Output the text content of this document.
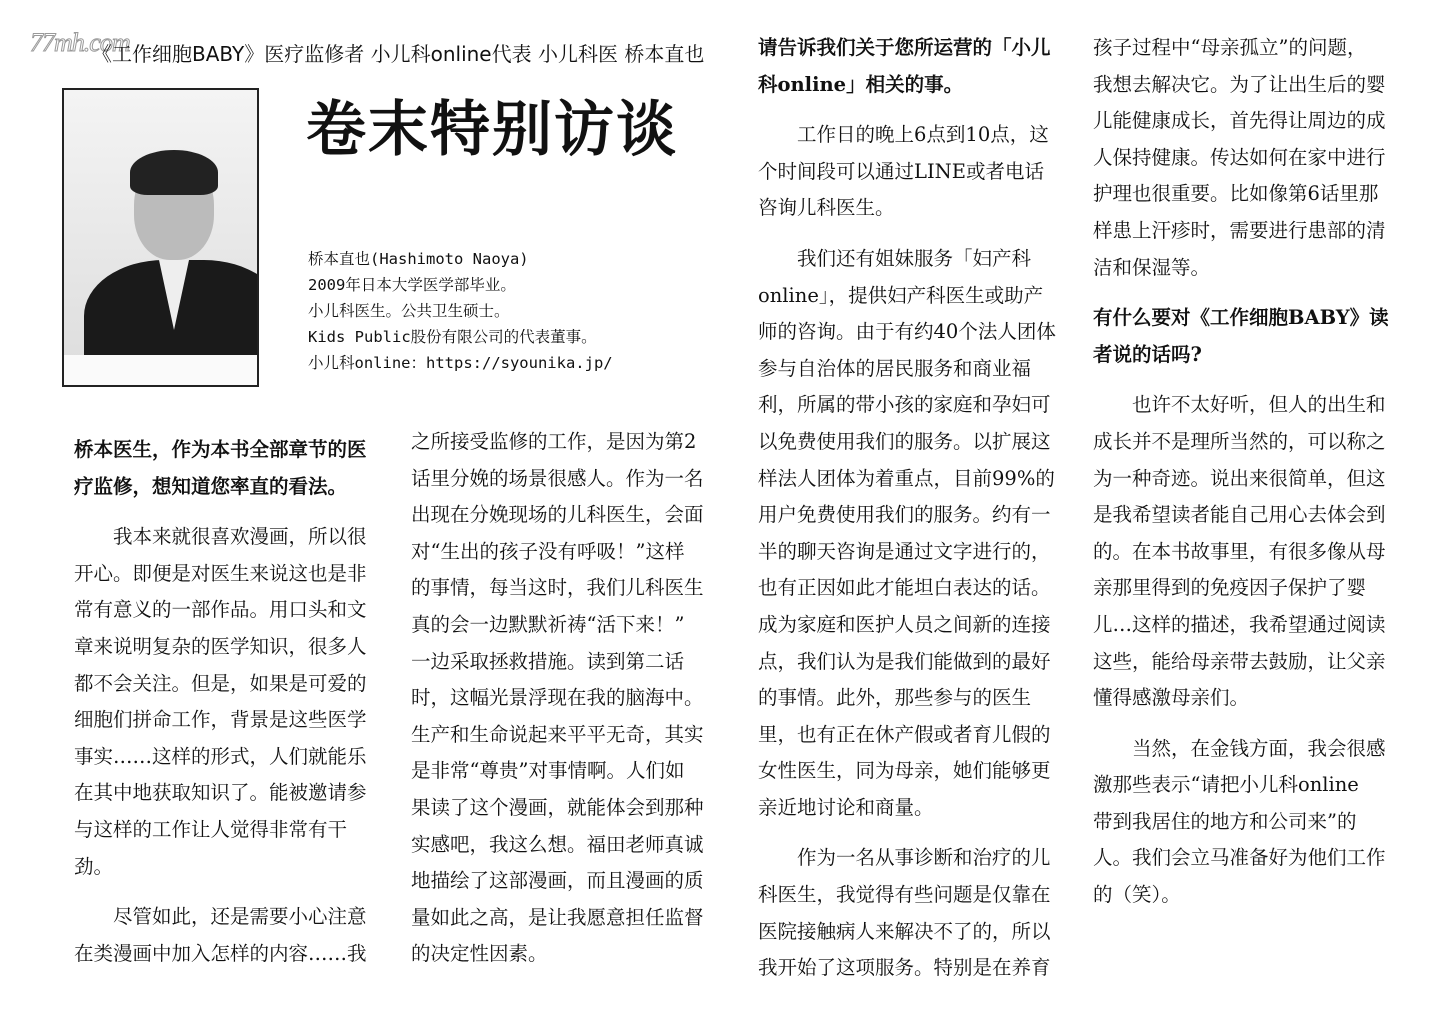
77mh.com
《工作细胞BABY》医疗监修者 小儿科online代表 小儿科医 桥本直也
卷末特别访谈
桥本直也(Hashimoto Naoya)
2009年日本大学医学部毕业。
小儿科医生。公共卫生硕士。
Kids Public股份有限公司的代表董事。
小儿科online：https://syounika.jp/
桥本医生，作为本书全部章节的医
疗监修，想知道您率直的看法。
　　我本来就很喜欢漫画，所以很
开心。即便是对医生来说这也是非
常有意义的一部作品。用口头和文
章来说明复杂的医学知识，很多人
都不会关注。但是，如果是可爱的
细胞们拼命工作，背景是这些医学
事实……这样的形式，人们就能乐
在其中地获取知识了。能被邀请参
与这样的工作让人觉得非常有干
劲。
　　尽管如此，还是需要小心注意
在类漫画中加入怎样的内容……我
之所接受监修的工作，是因为第2
话里分娩的场景很感人。作为一名
出现在分娩现场的儿科医生，会面
对“生出的孩子没有呼吸！”这样
的事情，每当这时，我们儿科医生
真的会一边默默祈祷“活下来！”
一边采取拯救措施。读到第二话
时，这幅光景浮现在我的脑海中。
生产和生命说起来平平无奇，其实
是非常“尊贵”对事情啊。人们如
果读了这个漫画，就能体会到那种
实感吧，我这么想。福田老师真诚
地描绘了这部漫画，而且漫画的质
量如此之高，是让我愿意担任监督
的决定性因素。
请告诉我们关于您所运营的「小儿
科online」相关的事。
　　工作日的晚上6点到10点，这
个时间段可以通过LINE或者电话
咨询儿科医生。
　　我们还有姐妹服务「妇产科
online」，提供妇产科医生或助产
师的咨询。由于有约40个法人团体
参与自治体的居民服务和商业福
利，所属的带小孩的家庭和孕妇可
以免费使用我们的服务。以扩展这
样法人团体为着重点，目前99%的
用户免费使用我们的服务。约有一
半的聊天咨询是通过文字进行的，
也有正因如此才能坦白表达的话。
成为家庭和医护人员之间新的连接
点，我们认为是我们能做到的最好
的事情。此外，那些参与的医生
里，也有正在休产假或者育儿假的
女性医生，同为母亲，她们能够更
亲近地讨论和商量。
　　作为一名从事诊断和治疗的儿
科医生，我觉得有些问题是仅靠在
医院接触病人来解决不了的，所以
我开始了这项服务。特别是在养育
孩子过程中“母亲孤立”的问题，
我想去解决它。为了让出生后的婴
儿能健康成长，首先得让周边的成
人保持健康。传达如何在家中进行
护理也很重要。比如像第6话里那
样患上汗疹时，需要进行患部的清
洁和保湿等。
有什么要对《工作细胞BABY》读
者说的话吗?
　　也许不太好听，但人的出生和
成长并不是理所当然的，可以称之
为一种奇迹。说出来很简单，但这
是我希望读者能自己用心去体会到
的。在本书故事里，有很多像从母
亲那里得到的免疫因子保护了婴
儿…这样的描述，我希望通过阅读
这些，能给母亲带去鼓励，让父亲
懂得感激母亲们。
　　当然，在金钱方面，我会很感
激那些表示“请把小儿科online
带到我居住的地方和公司来”的
人。我们会立马准备好为他们工作
的（笑）。
